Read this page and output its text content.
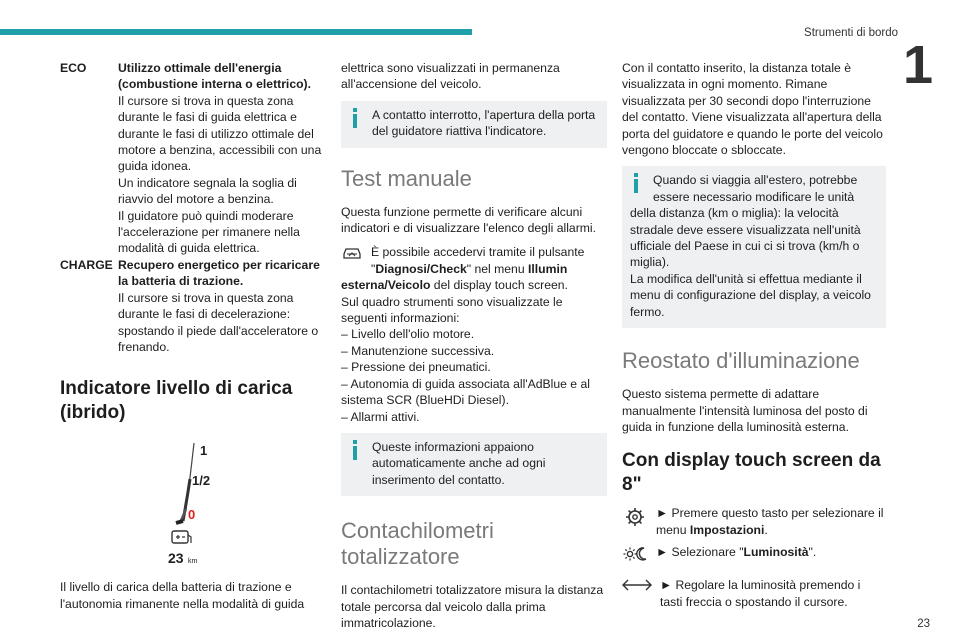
Strumenti di bordo
1
23
ECO	Utilizzo ottimale dell'energia (combustione interna o elettrico).
Il cursore si trova in questa zona durante le fasi di guida elettrica e durante le fasi di utilizzo ottimale del motore a benzina, accessibili con una guida idonea.
Un indicatore segnala la soglia di riavvio del motore a benzina.
Il guidatore può quindi moderare l'accelerazione per rimanere nella modalità di guida elettrica.
CHARGE Recupero energetico per ricaricare la batteria di trazione.
Il cursore si trova in questa zona durante le fasi di decelerazione: spostando il piede dall'acceleratore o frenando.
Indicatore livello di carica (ibrido)
1
1/2
0
23 km

Il livello di carica della batteria di trazione e l'autonomia rimanente nella modalità di guida

elettrica sono visualizzati in permanenza all'accensione del veicolo.

A contatto interrotto, l'apertura della porta del guidatore riattiva l'indicatore.
Test manuale

Questa funzione permette di verificare alcuni indicatori e di visualizzare l'elenco degli allarmi.

È possibile accedervi tramite il pulsante "Diagnosi/Check" nel menu Illumin

esterna/Veicolo del display touch screen.
Sul quadro strumenti sono visualizzate le seguenti informazioni:

– Livello dell'olio motore.
– Manutenzione successiva.
– Pressione dei pneumatici.
– Autonomia di guida associata all'AdBlue e al sistema SCR (BlueHDi Diesel).
– Allarmi attivi.
Queste informazioni appaiono automaticamente anche ad ogni inserimento del contatto.
Contachilometri totalizzatore

Il contachilometri totalizzatore misura la distanza totale percorsa dal veicolo dalla prima immatricolazione.

Con il contatto inserito, la distanza totale è visualizzata in ogni momento. Rimane visualizzata per 30 secondi dopo l'interruzione del contatto. Viene visualizzata all'apertura della porta del guidatore e quando le porte del veicolo vengono bloccate o sbloccate.

Quando si viaggia all'estero, potrebbe essere necessario modificare le unità
della distanza (km o miglia): la velocità stradale deve essere visualizzata nell'unità ufficiale del Paese in cui ci si trova (km/h o miglia).
La modifica dell'unità si effettua mediante il menu di configurazione del display, a veicolo fermo.
Reostato d'illuminazione

Questo sistema permette di adattare manualmente l'intensità luminosa del posto di guida in funzione della luminosità esterna.

Con display touch screen da 8"
► Premere questo tasto per selezionare il menu Impostazioni.
► Selezionare "Luminosità".
► Regolare la luminosità premendo i tasti freccia o spostando il cursore.
